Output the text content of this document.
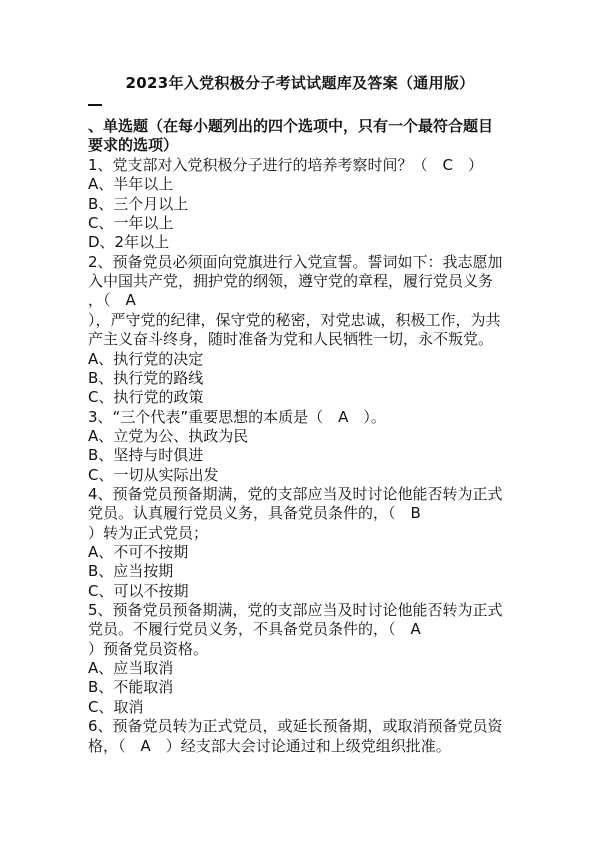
2023年入党积极分子考试试题库及答案（通用版）
、单选题（在每小题列出的四个选项中，只有一个最符合题目
要求的选项）
1、党支部对入党积极分子进行的培养考察时间？（　C　）
A、半年以上
B、三个月以上
C、一年以上
D、2年以上
2、预备党员必须面向党旗进行入党宣誓。誓词如下：我志愿加
入中国共产党，拥护党的纲领，遵守党的章程，履行党员义务
，（　A
），严守党的纪律，保守党的秘密，对党忠诚，积极工作，为共
产主义奋斗终身，随时准备为党和人民牺牲一切，永不叛党。
A、执行党的决定
B、执行党的路线
C、执行党的政策
3、“三个代表”重要思想的本质是（　A　）。
A、立党为公、执政为民
B、坚持与时俱进
C、一切从实际出发
4、预备党员预备期满，党的支部应当及时讨论他能否转为正式
党员。认真履行党员义务，具备党员条件的，（　B
）转为正式党员；
A、不可不按期
B、应当按期
C、可以不按期
5、预备党员预备期满，党的支部应当及时讨论他能否转为正式
党员。不履行党员义务，不具备党员条件的，（　A
）预备党员资格。
A、应当取消
B、不能取消
C、取消
6、预备党员转为正式党员，或延长预备期，或取消预备党员资
格，（　A　）经支部大会讨论通过和上级党组织批准。
